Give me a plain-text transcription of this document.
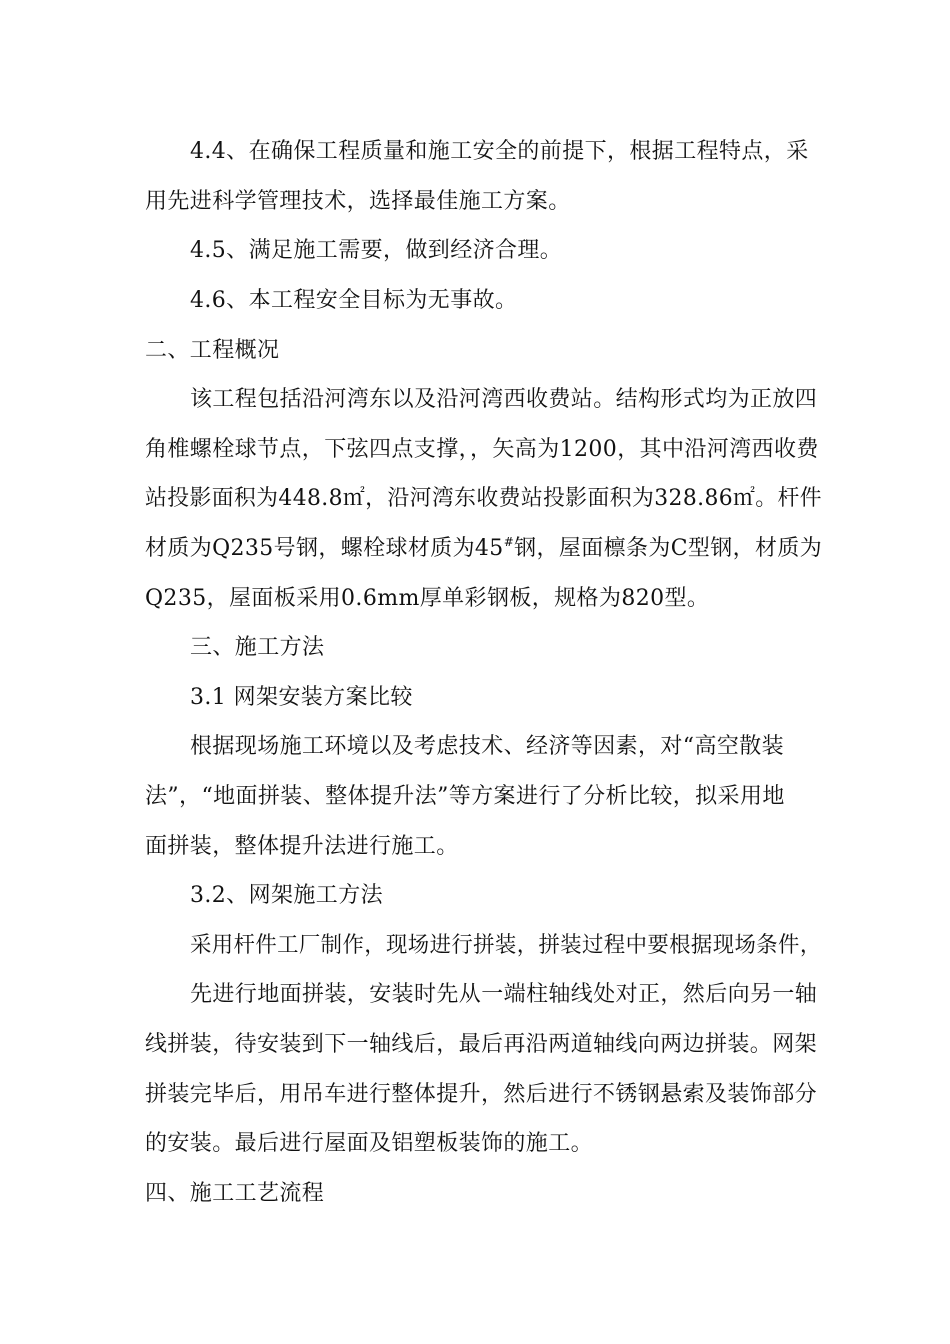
4.4、在确保工程质量和施工安全的前提下，根据工程特点，采
用先进科学管理技术，选择最佳施工方案。
4.5、满足施工需要，做到经济合理。
4.6、本工程安全目标为无事故。
二、工程概况
该工程包括沿河湾东以及沿河湾西收费站。结构形式均为正放四
角椎螺栓球节点，下弦四点支撑，，矢高为1200，其中沿河湾西收费
站投影面积为448.8㎡，沿河湾东收费站投影面积为328.86㎡。杆件
材质为Q235号钢，螺栓球材质为45#钢，屋面檩条为C型钢，材质为
Q235，屋面板采用0.6mm厚单彩钢板，规格为820型。
三、施工方法
3.1 网架安装方案比较
根据现场施工环境以及考虑技术、经济等因素，对“高空散装
法”，“地面拼装、整体提升法”等方案进行了分析比较，拟采用地
面拼装，整体提升法进行施工。
3.2、网架施工方法
采用杆件工厂制作，现场进行拼装，拼装过程中要根据现场条件，
先进行地面拼装，安装时先从一端柱轴线处对正，然后向另一轴
线拼装，待安装到下一轴线后，最后再沿两道轴线向两边拼装。网架
拼装完毕后，用吊车进行整体提升，然后进行不锈钢悬索及装饰部分
的安装。最后进行屋面及铝塑板装饰的施工。
四、施工工艺流程
